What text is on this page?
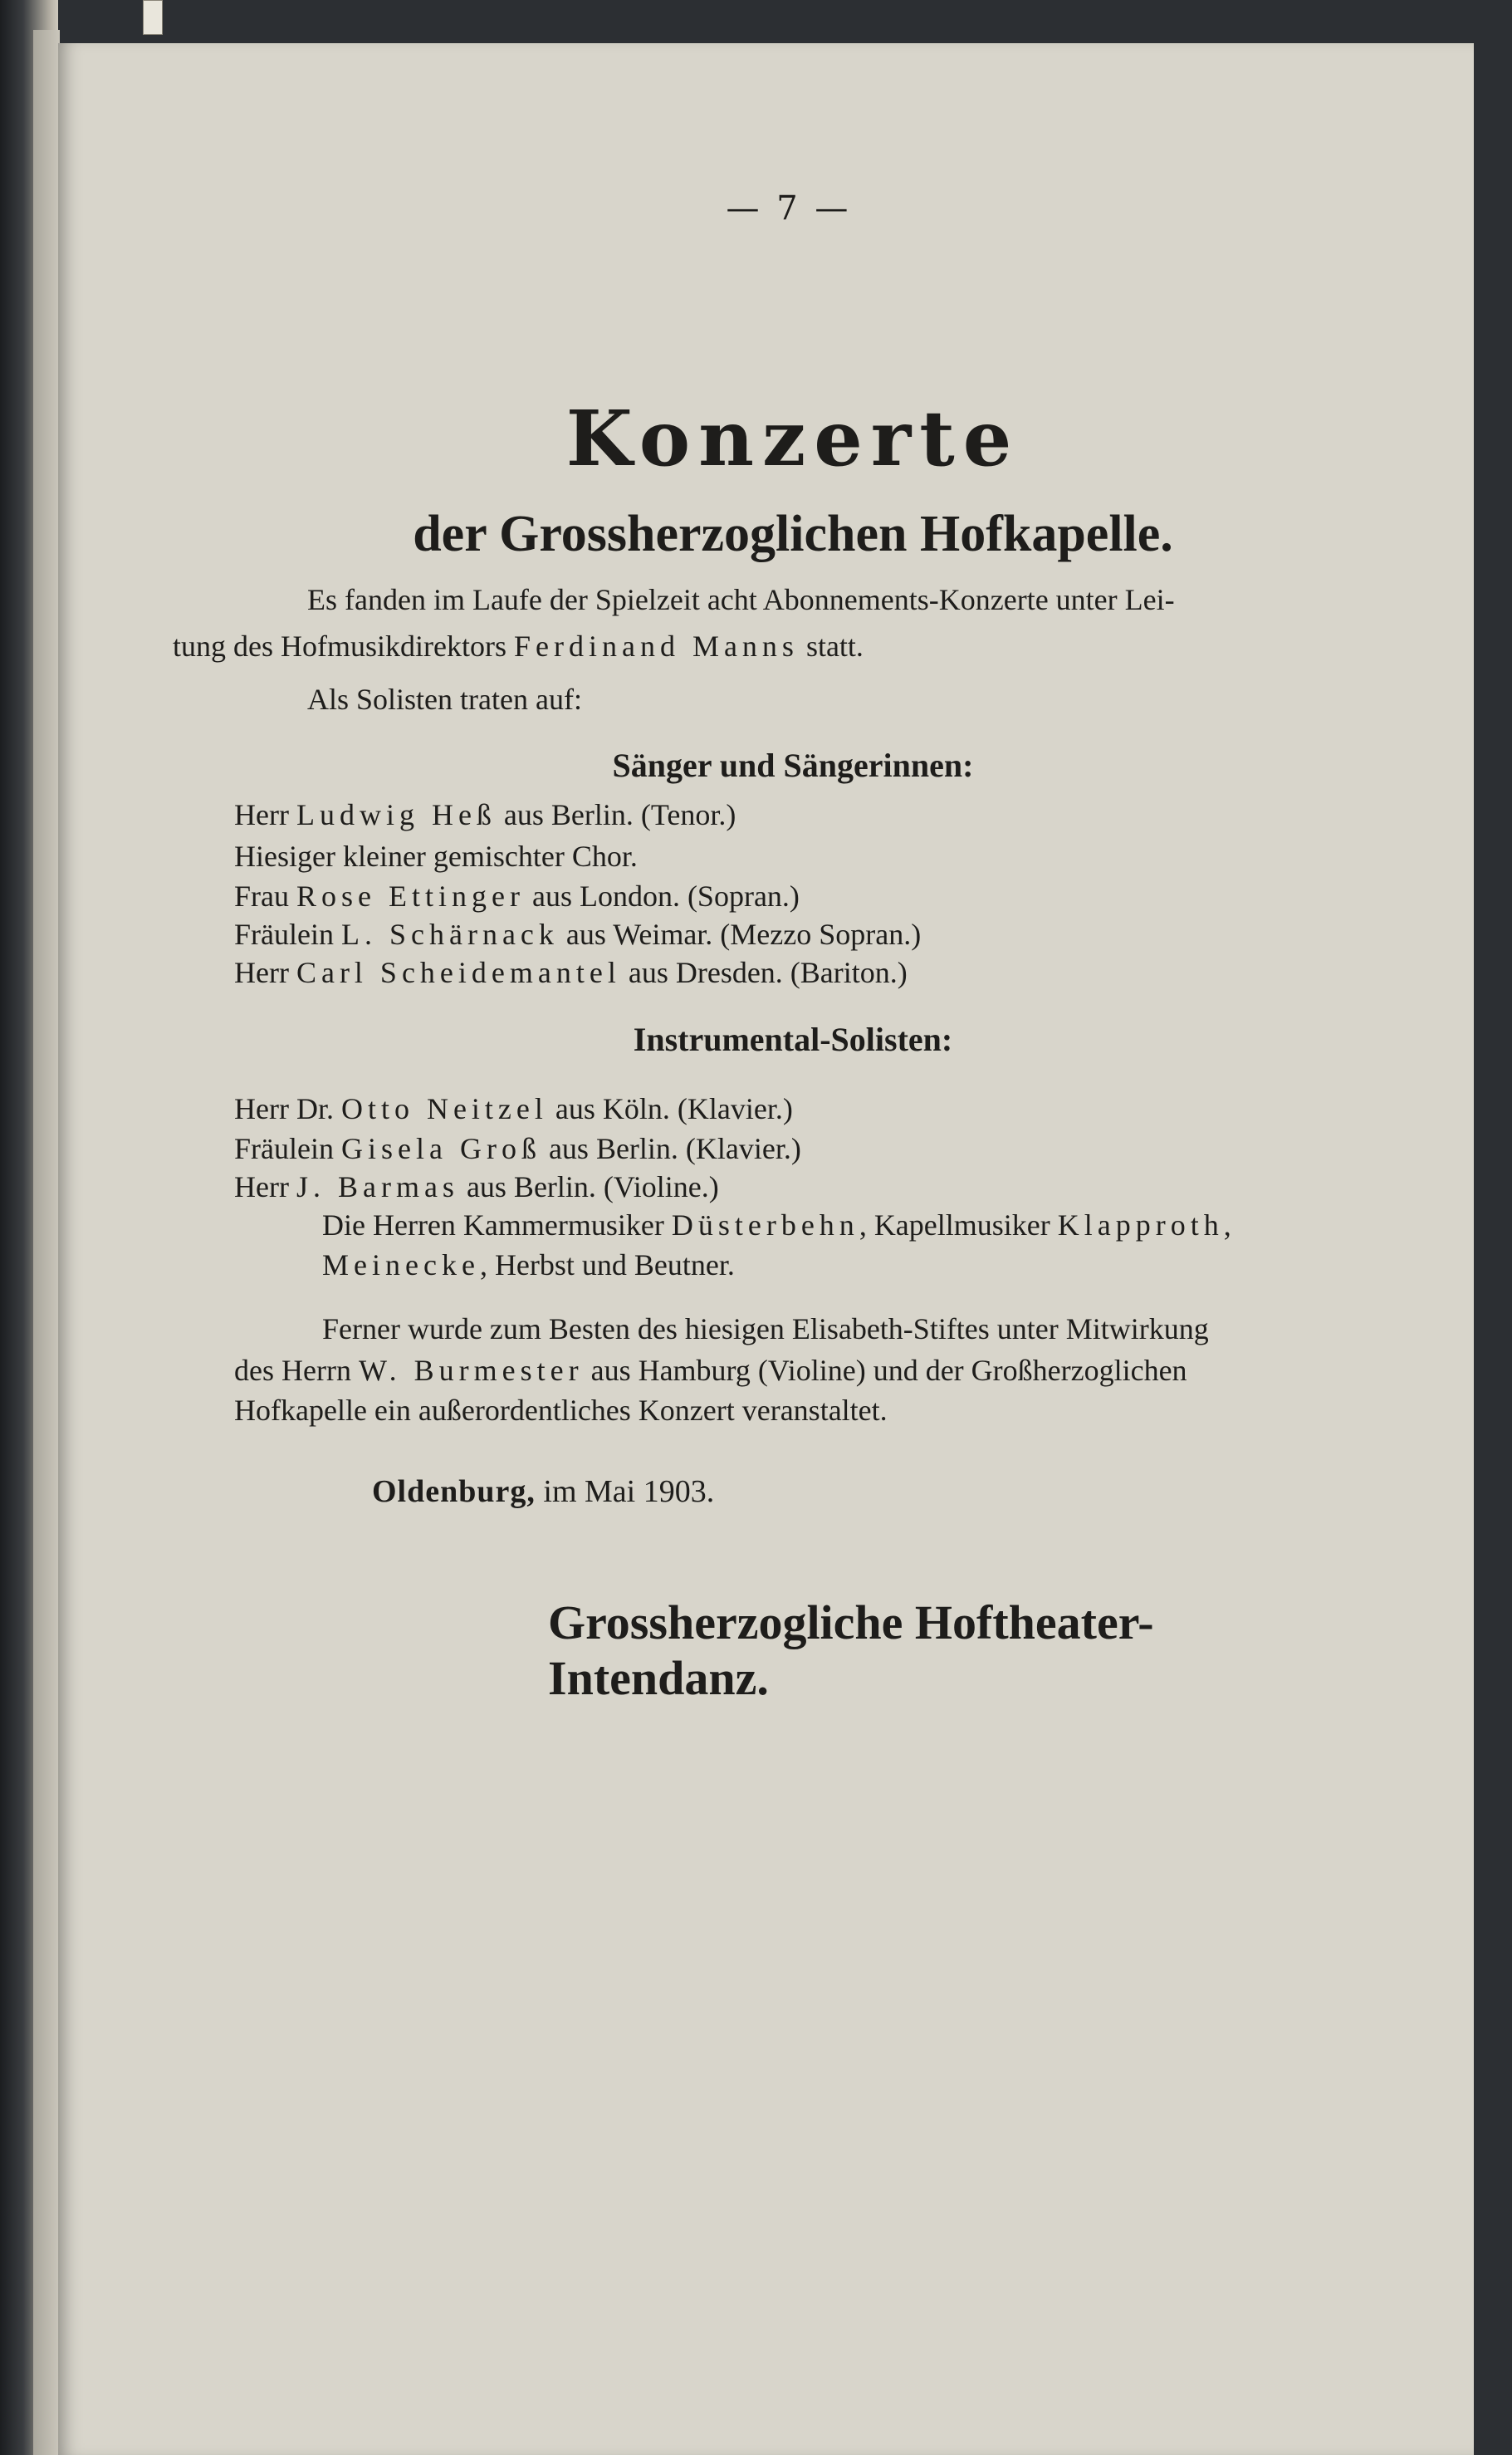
— 7 —
Konzerte
der Grossherzoglichen Hofkapelle.
Es fanden im Laufe der Spielzeit acht Abonnements-Konzerte unter Lei-
tung des Hofmusikdirektors Ferdinand Manns statt.
Als Solisten traten auf:
Sänger und Sängerinnen:
Herr Ludwig Heß aus Berlin. (Tenor.)
Hiesiger kleiner gemischter Chor.
Frau Rose Ettinger aus London. (Sopran.)
Fräulein L. Schärnack aus Weimar. (Mezzo Sopran.)
Herr Carl Scheidemantel aus Dresden. (Bariton.)
Instrumental-Solisten:
Herr Dr. Otto Neitzel aus Köln. (Klavier.)
Fräulein Gisela Groß aus Berlin. (Klavier.)
Herr J. Barmas aus Berlin. (Violine.)
Die Herren Kammermusiker Düsterbehn, Kapellmusiker Klapproth,
Meinecke, Herbst und Beutner.
Ferner wurde zum Besten des hiesigen Elisabeth-Stiftes unter Mitwirkung
des Herrn W. Burmester aus Hamburg (Violine) und der Großherzoglichen
Hofkapelle ein außerordentliches Konzert veranstaltet.
Oldenburg, im Mai 1903.
Grossherzogliche Hoftheater-Intendanz.
